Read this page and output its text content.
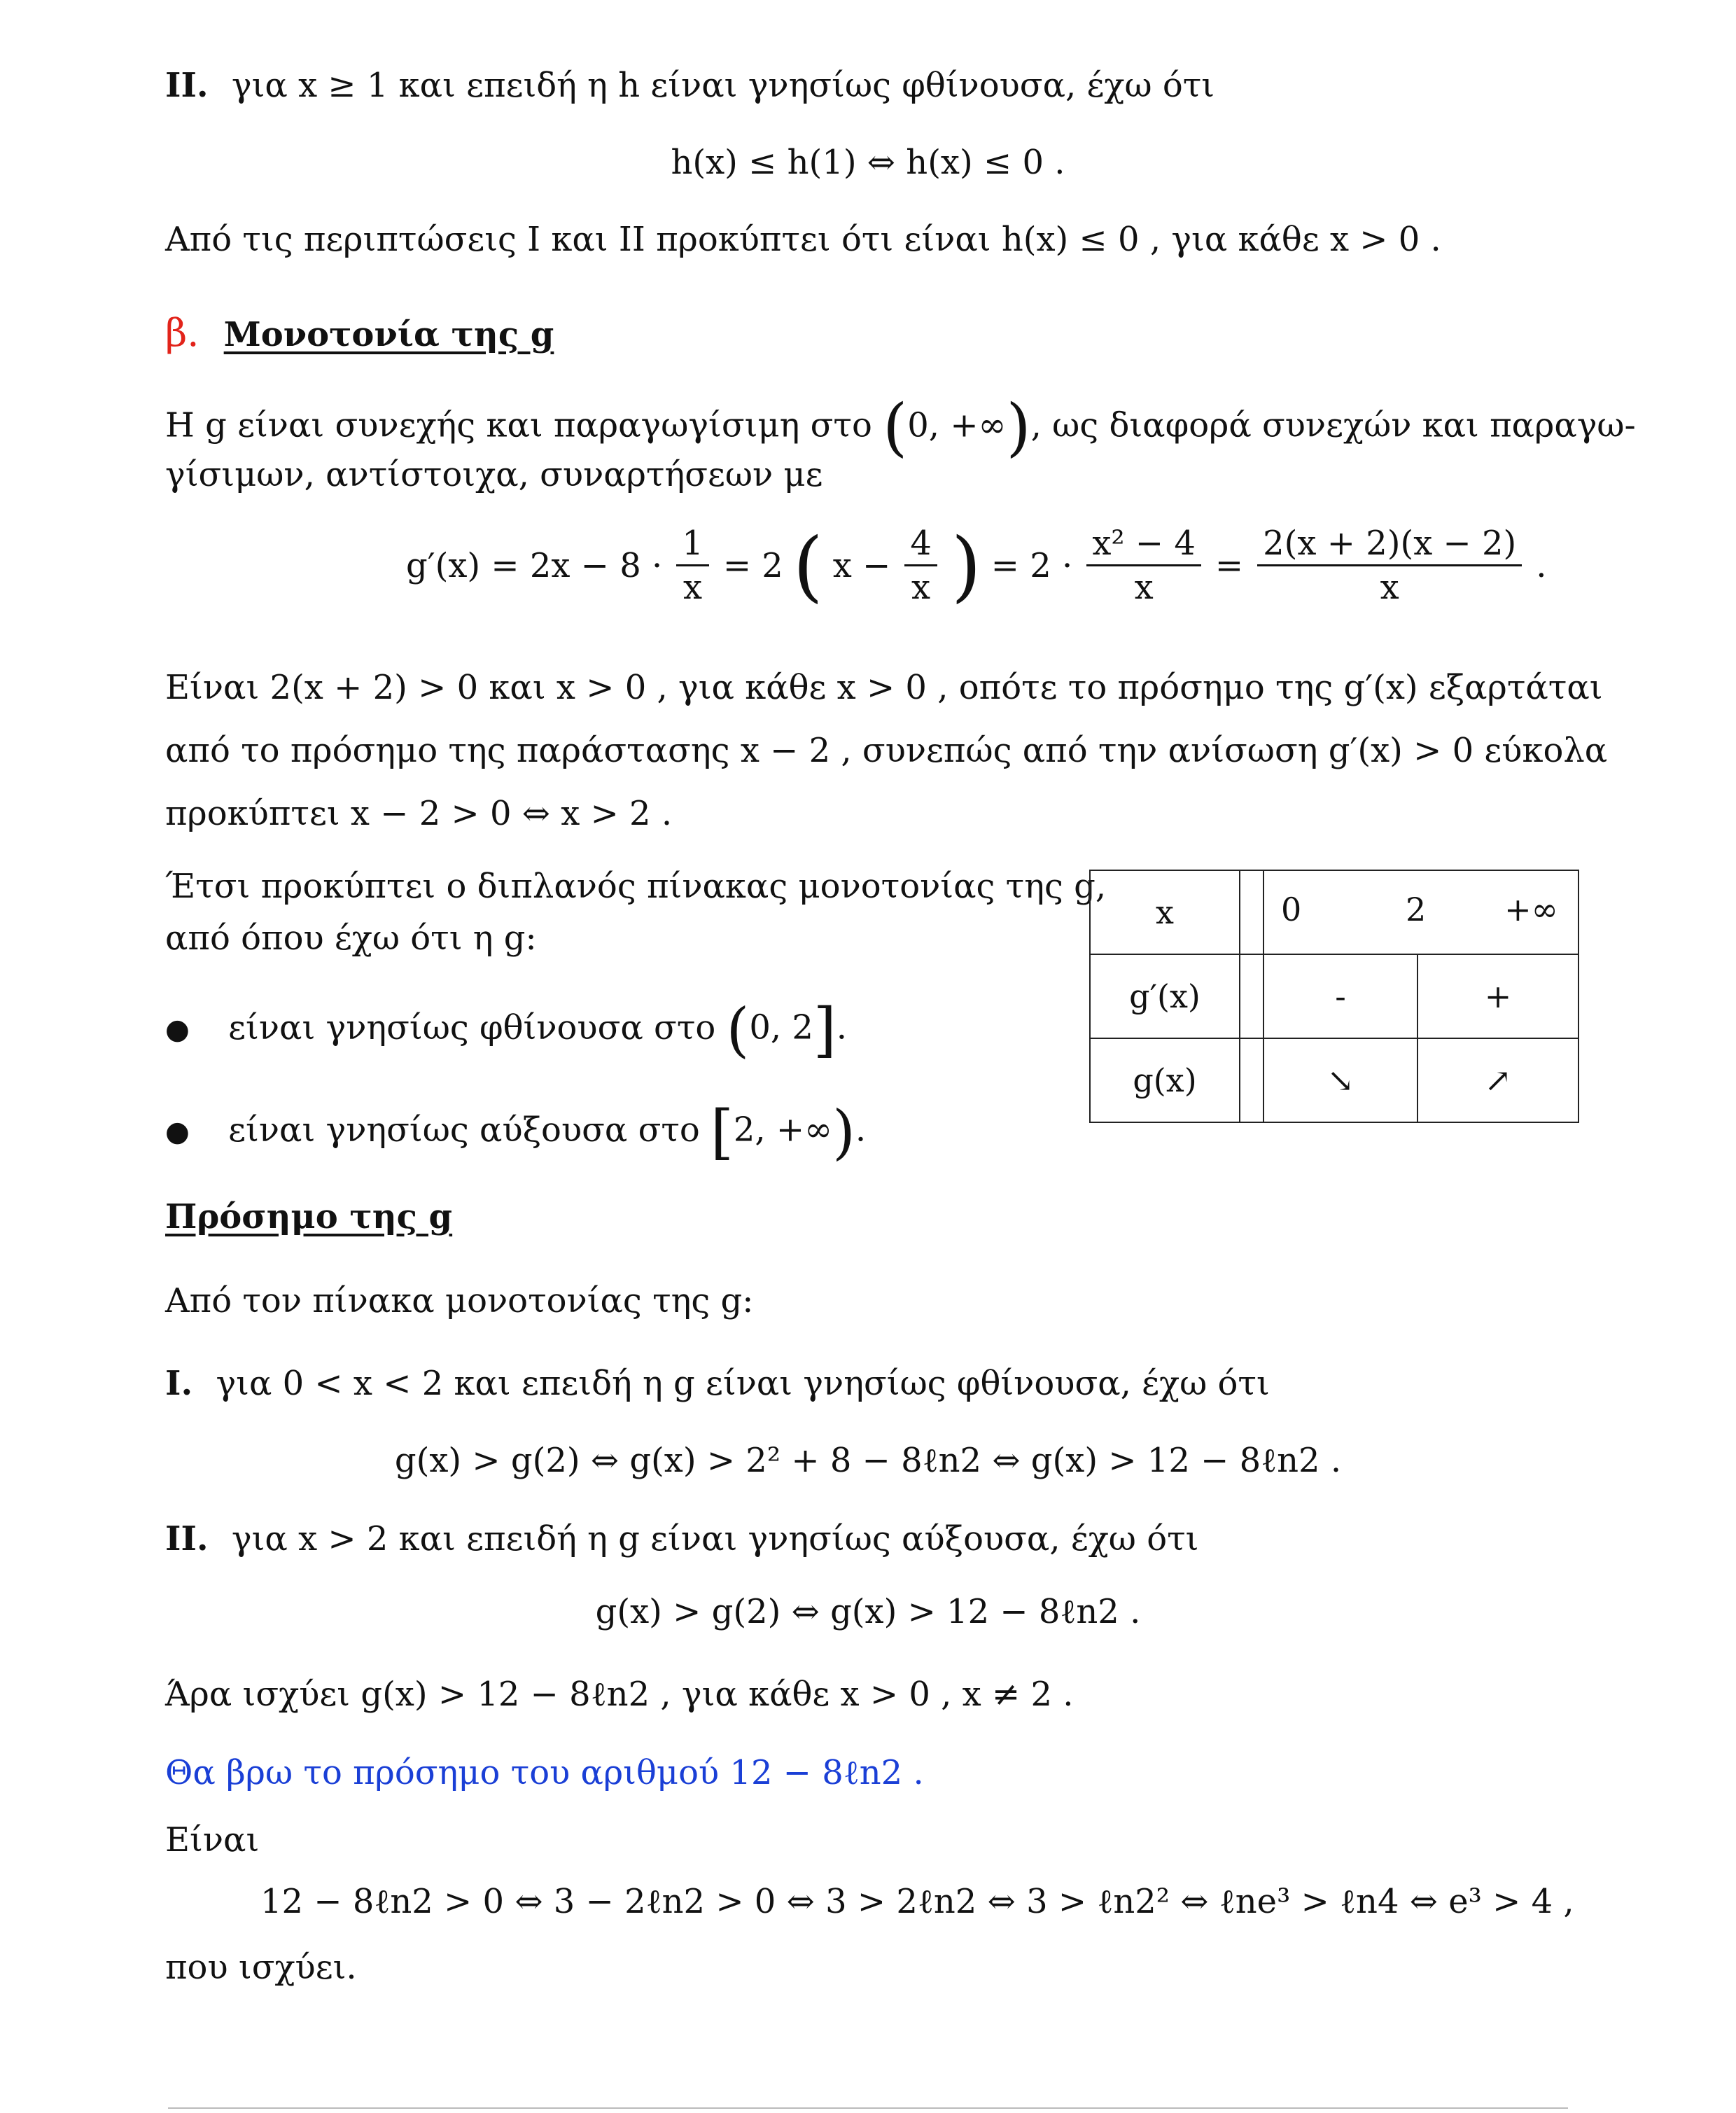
ΙΙ. για x ≥ 1 και επειδή η h είναι γνησίως φθίνουσα, έχω ότι
h(x) ≤ h(1) ⇔ h(x) ≤ 0 .
Από τις περιπτώσεις Ι και ΙΙ προκύπτει ότι είναι h(x) ≤ 0 , για κάθε x > 0 .
β. Μονοτονία της g
Η g είναι συνεχής και παραγωγίσιμη στο (0, +∞), ως διαφορά συνεχών και παραγω-
γίσιμων, αντίστοιχα, συναρτήσεων με
$g'(x) = 2x - 8 \cdot \frac{1}{x} = 2$ ( $x - \frac{4}{x}$ ) = $2 \cdot \frac{\text{x² − 4}}{x} = \frac{2(x + 2)(x - 2)}{x}$ .
Είναι 2(x + 2) > 0 και x > 0 , για κάθε x > 0 , οπότε το πρόσημο της g′(x) εξαρτάται
από το πρόσημο της παράστασης x − 2 , συνεπώς από την ανίσωση g′(x) > 0 εύκολα
προκύπτει x − 2 > 0 ⇔ x > 2 .
Έτσι προκύπτει ο διπλανός πίνακας μονοτονίας της g,
από όπου έχω ότι η g:
● είναι γνησίως φθίνουσα στο (0, 2].
● είναι γνησίως αύξουσα στο [2, +∞).
x		0 2 +∞	

g′(x)		-	+
g(x)		↘	↗
Πρόσημο της g
Από τον πίνακα μονοτονίας της g:
Ι. για 0 < x < 2 και επειδή η g είναι γνησίως φθίνουσα, έχω ότι
g(x) > g(2) ⇔ g(x) > 2² + 8 − 8ℓn2 ⇔ g(x) > 12 − 8ℓn2 .
ΙΙ. για x > 2 και επειδή η g είναι γνησίως αύξουσα, έχω ότι
g(x) > g(2) ⇔ g(x) > 12 − 8ℓn2 .
Άρα ισχύει g(x) > 12 − 8ℓn2 , για κάθε x > 0 , x ≠ 2 .
Θα βρω το πρόσημο του αριθμού 12 − 8ℓn2 .
Είναι
12 − 8ℓn2 > 0 ⇔ 3 − 2ℓn2 > 0 ⇔ 3 > 2ℓn2 ⇔ 3 > ℓn2² ⇔ ℓne³ > ℓn4 ⇔ e³ > 4 ,
που ισχύει.
